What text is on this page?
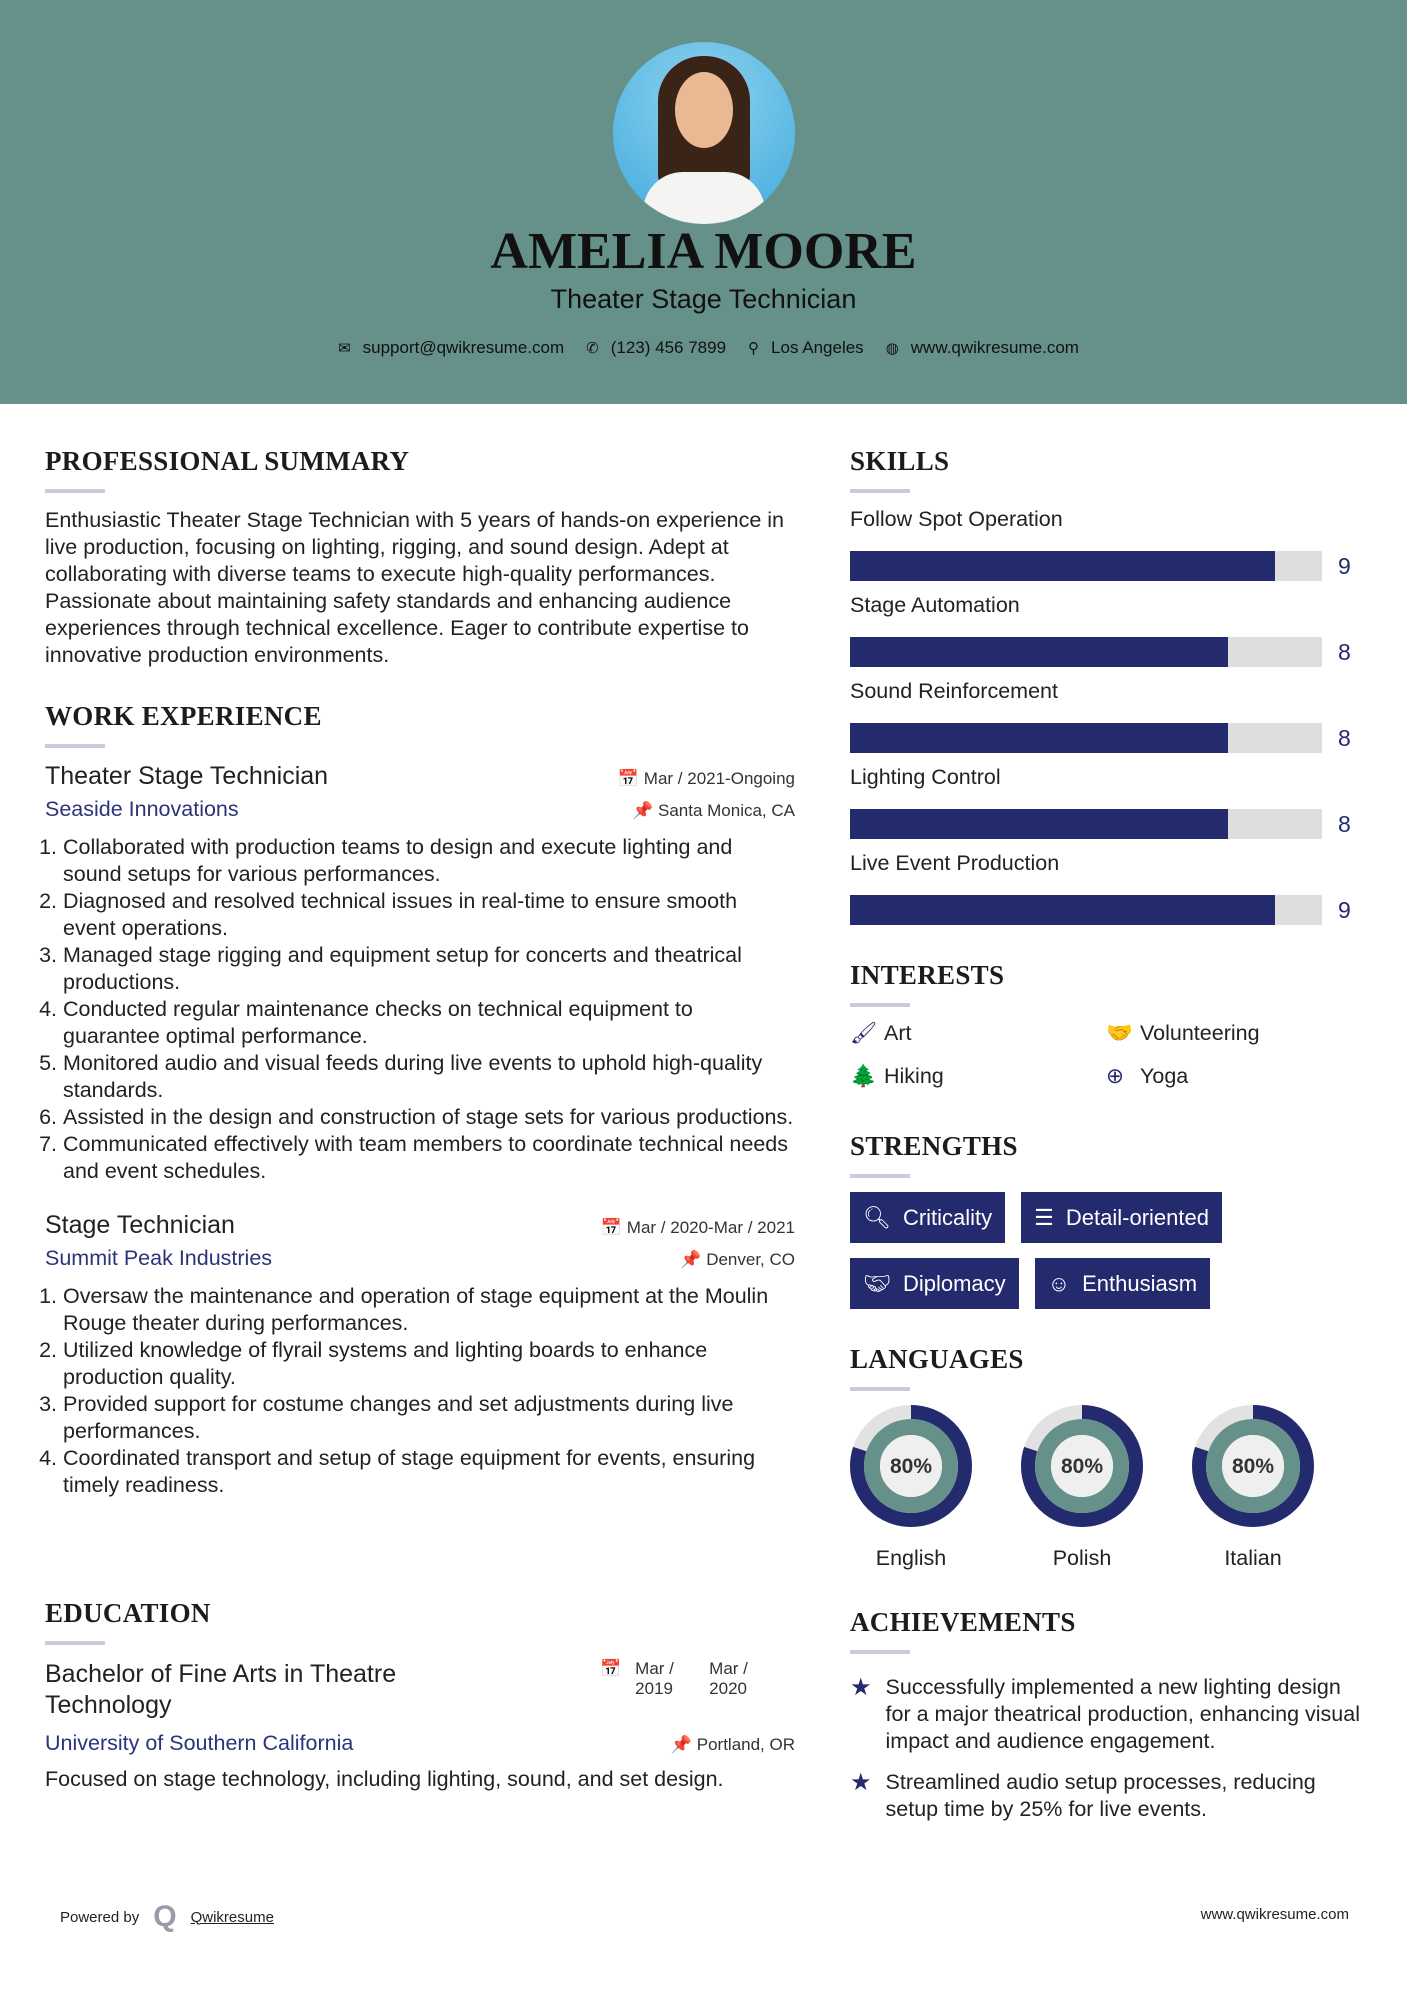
AMELIA MOORE
Theater Stage Technician
✉ support@qwikresume.com ✆ (123) 456 7899 ⚲ Los Angeles ◍ www.qwikresume.com
PROFESSIONAL SUMMARY

Enthusiastic Theater Stage Technician with 5 years of hands-on experience in live production, focusing on lighting, rigging, and sound design. Adept at collaborating with diverse teams to execute high-quality performances. Passionate about maintaining safety standards and enhancing audience experiences through technical excellence. Eager to contribute expertise to innovative production environments.

WORK EXPERIENCE
Theater Stage Technician	📅 Mar / 2021-Ongoing
Seaside Innovations	📌 Santa Monica, CA
1. Collaborated with production teams to design and execute lighting and sound setups for various performances.
2. Diagnosed and resolved technical issues in real-time to ensure smooth event operations.
3. Managed stage rigging and equipment setup for concerts and theatrical productions.
4. Conducted regular maintenance checks on technical equipment to guarantee optimal performance.
5. Monitored audio and visual feeds during live events to uphold high-quality standards.
6. Assisted in the design and construction of stage sets for various productions.
7. Communicated effectively with team members to coordinate technical needs and event schedules.
Stage Technician	📅 Mar / 2020-Mar / 2021
Summit Peak Industries	📌 Denver, CO
1. Oversaw the maintenance and operation of stage equipment at the Moulin Rouge theater during performances.
2. Utilized knowledge of flyrail systems and lighting boards to enhance production quality.
3. Provided support for costume changes and set adjustments during live performances.
4. Coordinated transport and setup of stage equipment for events, ensuring timely readiness.
EDUCATION
Bachelor of Fine Arts in Theatre Technology
📅 Mar / 2019
Mar / 2020
University of Southern California	📌 Portland, OR

Focused on stage technology, including lighting, sound, and set design.

SKILLS
Follow Spot Operation
9
Stage Automation
8
Sound Reinforcement
8
Lighting Control
8
Live Event Production
9
INTERESTS
🖌 Art	🤝 Volunteering
🌲 Hiking	⊕ Yoga
STRENGTHS
🔍︎ Criticality ☰ Detail-oriented
🤝︎ Diplomacy ☺ Enthusiasm
LANGUAGES
80%
English
80%
Polish
80%
Italian
ACHIEVEMENTS
★ Successfully implemented a new lighting design for a major theatrical production, enhancing visual impact and audience engagement.
★ Streamlined audio setup processes, reducing setup time by 25% for live events.
Powered by Q Qwikresume	www.qwikresume.com
